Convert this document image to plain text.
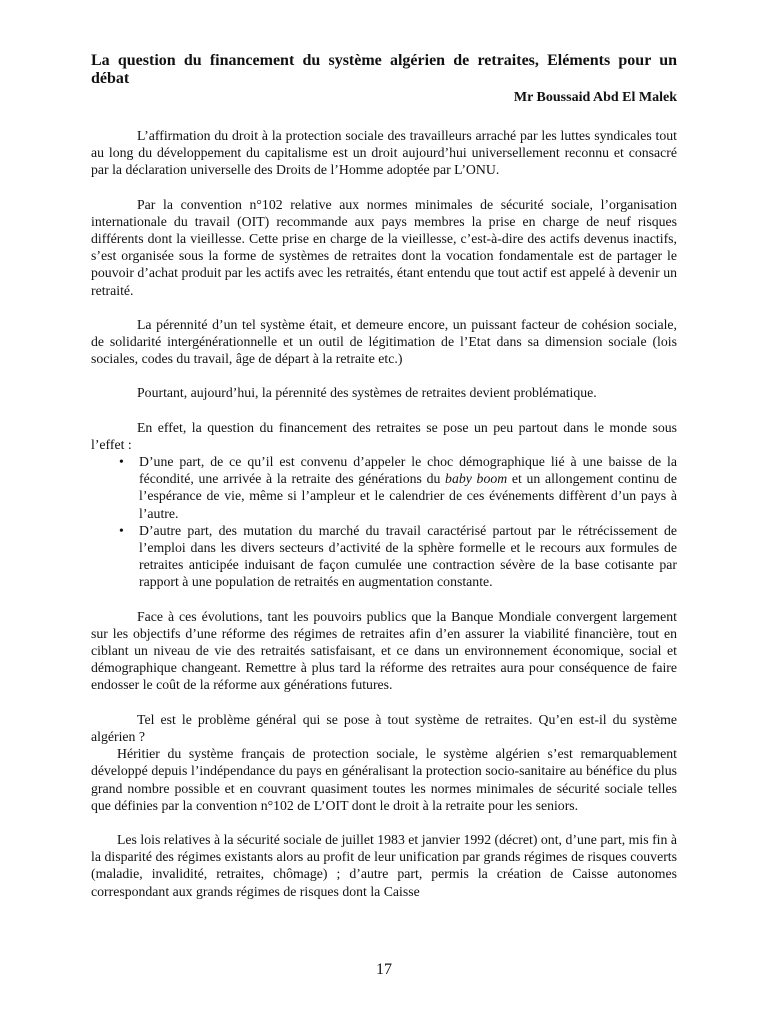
La question du financement du système algérien de retraites, Eléments pour un débat
Mr Boussaid Abd El Malek

L’affirmation du droit à la protection sociale des travailleurs arraché par les luttes syndicales tout au long du développement du capitalisme est un droit aujourd’hui universellement reconnu et consacré par la déclaration universelle des Droits de l’Homme adoptée par L’ONU.

Par la convention n°102 relative aux normes minimales de sécurité sociale, l’organisation internationale du travail (OIT) recommande aux pays membres la prise en charge de neuf risques différents dont la vieillesse. Cette prise en charge de la vieillesse, c’est-à-dire des actifs devenus inactifs, s’est organisée sous la forme de systèmes de retraites dont la vocation fondamentale est de partager le pouvoir d’achat produit par les actifs avec les retraités, étant entendu que tout actif est appelé à devenir un retraité.

La pérennité d’un tel système était, et demeure encore, un puissant facteur de cohésion sociale, de solidarité intergénérationnelle et un outil de légitimation de l’Etat dans sa dimension sociale (lois sociales, codes du travail, âge de départ à la retraite etc.)

Pourtant, aujourd’hui, la pérennité des systèmes de retraites devient problématique.

En effet, la question du financement des retraites se pose un peu partout dans le monde sous l’effet :

• D’une part, de ce qu’il est convenu d’appeler le choc démographique lié à une baisse de la fécondité, une arrivée à la retraite des générations du baby boom et un allongement continu de l’espérance de vie, même si l’ampleur et le calendrier de ces événements diffèrent d’un pays à l’autre.
• D’autre part, des mutation du marché du travail caractérisé partout par le rétrécissement de l’emploi dans les divers secteurs d’activité de la sphère formelle et le recours aux formules de retraites anticipée induisant de façon cumulée une contraction sévère de la base cotisante par rapport à une population de retraités en augmentation constante.

Face à ces évolutions, tant les pouvoirs publics que la Banque Mondiale convergent largement sur les objectifs d’une réforme des régimes de retraites afin d’en assurer la viabilité financière, tout en ciblant un niveau de vie des retraités satisfaisant, et ce dans un environnement économique, social et démographique changeant. Remettre à plus tard la réforme des retraites aura pour conséquence de faire endosser le coût de la réforme aux générations futures.

Tel est le problème général qui se pose à tout système de retraites. Qu’en est-il du système algérien ?

Héritier du système français de protection sociale, le système algérien s’est remarquablement développé depuis l’indépendance du pays en généralisant la protection socio-sanitaire au bénéfice du plus grand nombre possible et en couvrant quasiment toutes les normes minimales de sécurité sociale telles que définies par la convention n°102 de L’OIT dont le droit à la retraite pour les seniors.

Les lois relatives à la sécurité sociale de juillet 1983 et janvier 1992 (décret) ont, d’une part, mis fin à la disparité des régimes existants alors au profit de leur unification par grands régimes de risques couverts (maladie, invalidité, retraites, chômage) ; d’autre part, permis la création de Caisse autonomes correspondant aux grands régimes de risques dont la Caisse

17
